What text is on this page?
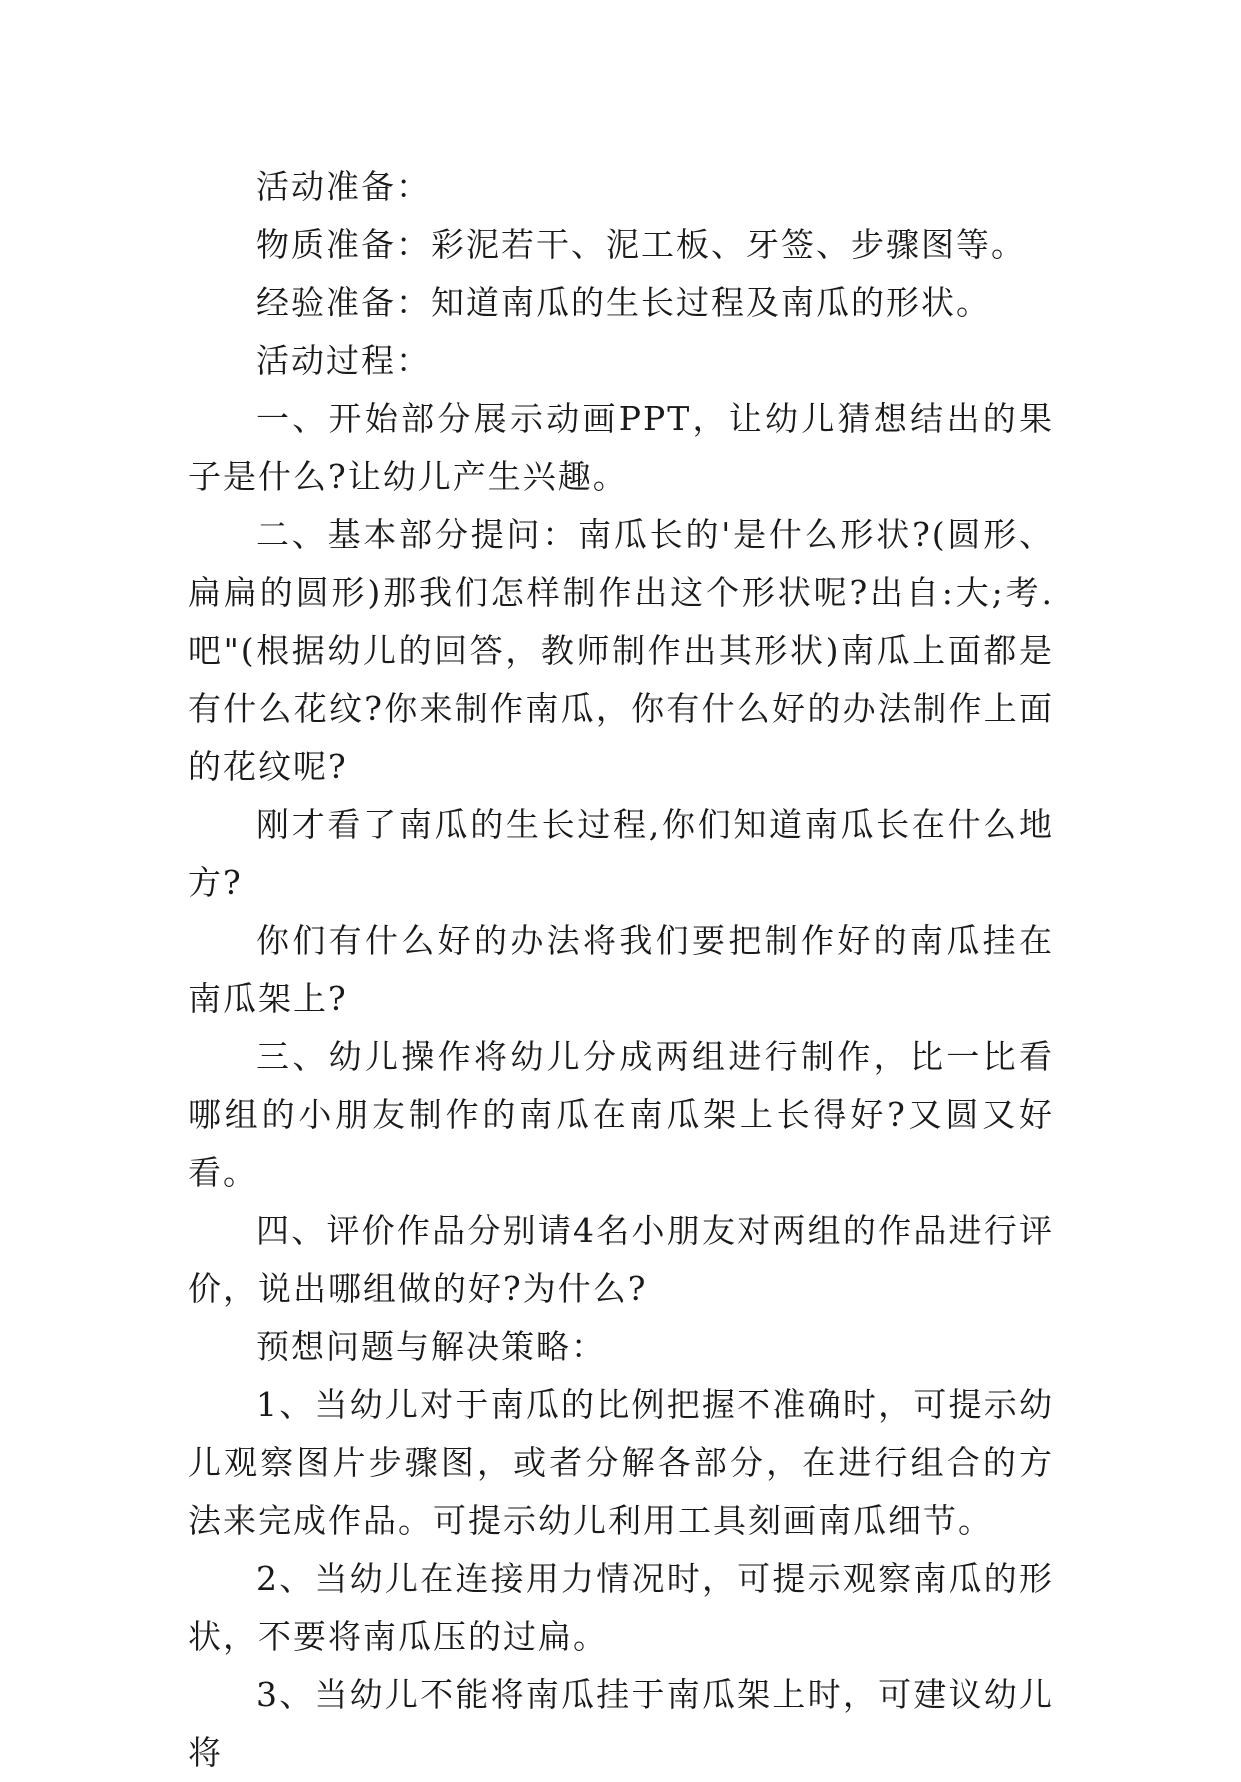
活动准备：

物质准备：彩泥若干、泥工板、牙签、步骤图等。

经验准备：知道南瓜的生长过程及南瓜的形状。

活动过程：

一、开始部分展示动画PPT，让幼儿猜想结出的果子是什么?让幼儿产生兴趣。

二、基本部分提问：南瓜长的'是什么形状?(圆形、扁扁的圆形)那我们怎样制作出这个形状呢?出自:大;考.吧"(根据幼儿的回答，教师制作出其形状)南瓜上面都是有什么花纹?你来制作南瓜，你有什么好的办法制作上面的花纹呢?

刚才看了南瓜的生长过程,你们知道南瓜长在什么地方?

你们有什么好的办法将我们要把制作好的南瓜挂在南瓜架上?

三、幼儿操作将幼儿分成两组进行制作，比一比看哪组的小朋友制作的南瓜在南瓜架上长得好?又圆又好看。

四、评价作品分别请4名小朋友对两组的作品进行评价，说出哪组做的好?为什么?

预想问题与解决策略：

1、当幼儿对于南瓜的比例把握不准确时，可提示幼儿观察图片步骤图，或者分解各部分，在进行组合的方法来完成作品。可提示幼儿利用工具刻画南瓜细节。

2、当幼儿在连接用力情况时，可提示观察南瓜的形状，不要将南瓜压的过扁。

3、当幼儿不能将南瓜挂于南瓜架上时，可建议幼儿将
